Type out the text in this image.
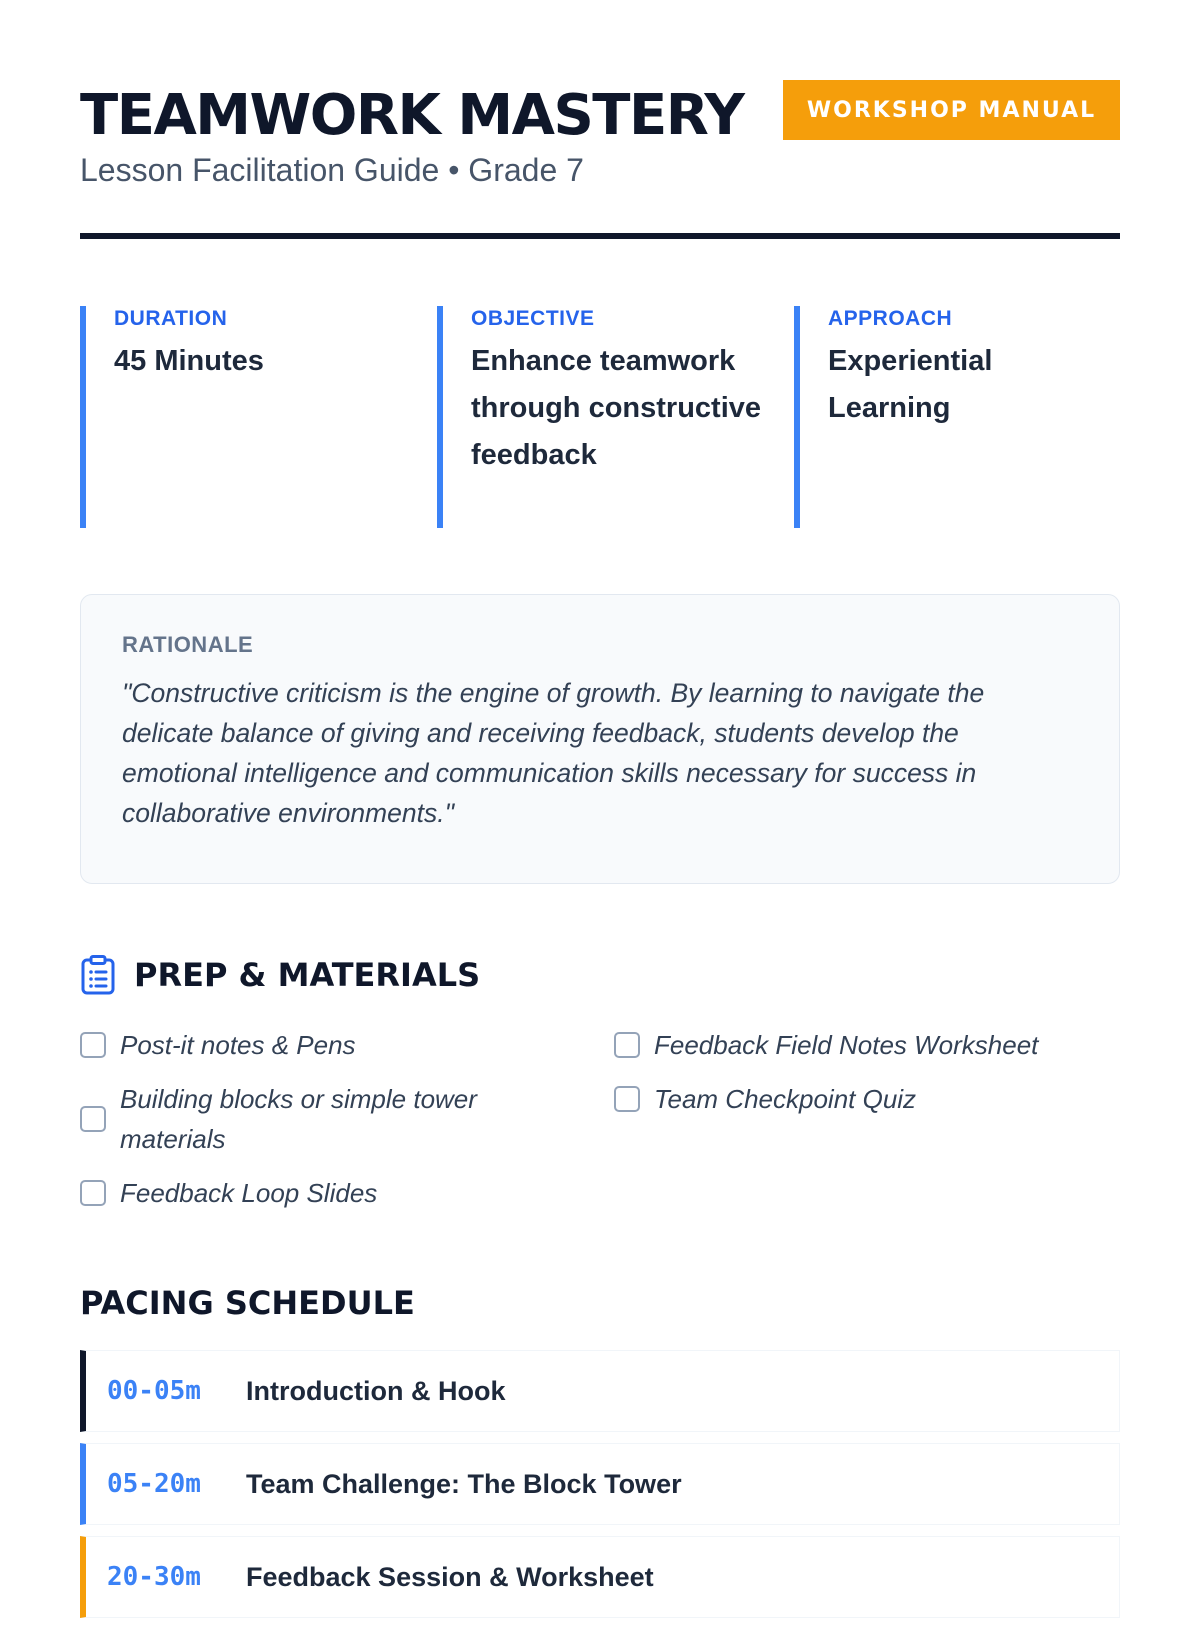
TEAMWORK MASTERY	WORKSHOP MANUAL

Lesson Facilitation Guide • Grade 7

DURATION

45 Minutes

OBJECTIVE

Enhance teamwork through constructive feedback

APPROACH

Experiential Learning

RATIONALE

"Constructive criticism is the engine of growth. By learning to navigate the delicate balance of giving and receiving feedback, students develop the emotional intelligence and communication skills necessary for success in collaborative environments."

PREP & MATERIALS
Post-it notes & Pens
Building blocks or simple tower materials
Feedback Loop Slides
Feedback Field Notes Worksheet
Team Checkpoint Quiz
PACING SCHEDULE
00-05m	Introduction & Hook
05-20m	Team Challenge: The Block Tower
20-30m	Feedback Session & Worksheet
